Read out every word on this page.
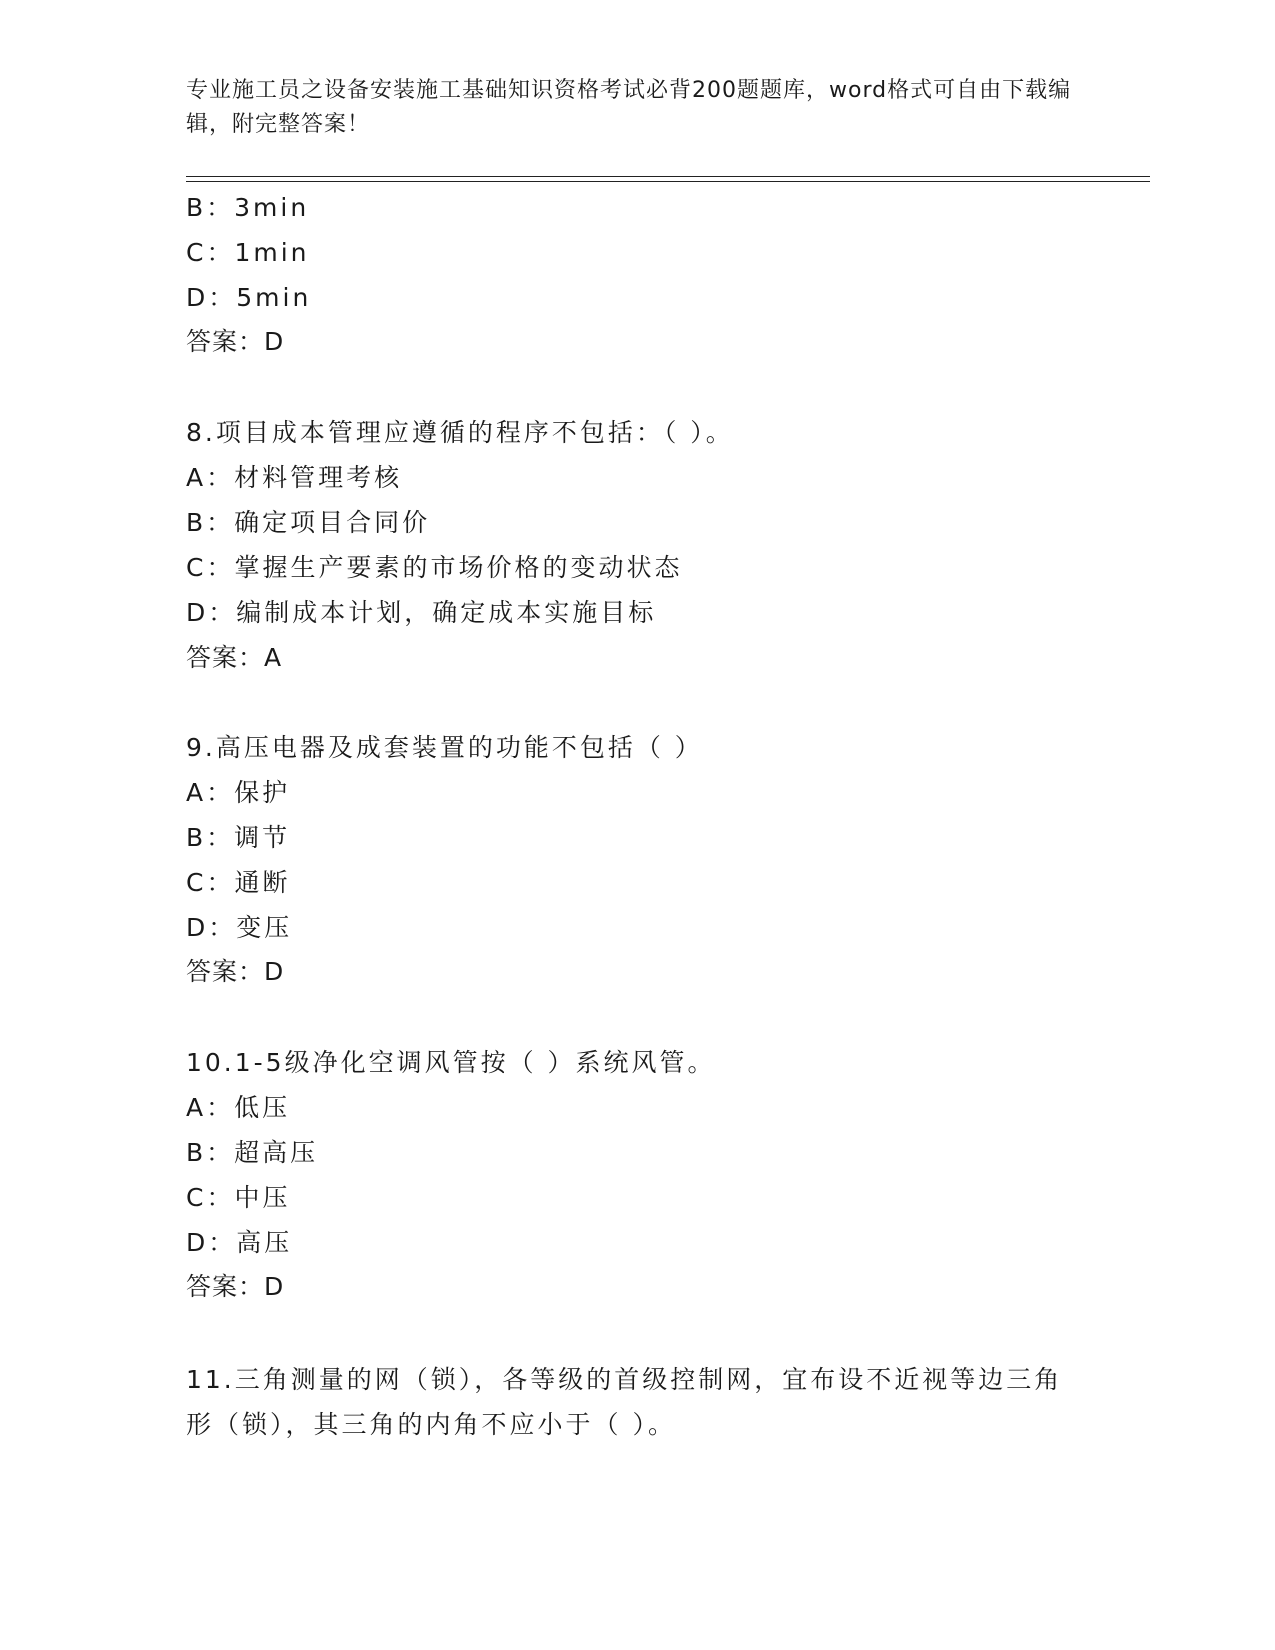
专业施工员之设备安装施工基础知识资格考试必背200题题库，word格式可自由下载编辑，附完整答案！
B：3min
C：1min
D：5min
答案：D
8.项目成本管理应遵循的程序不包括：（ ）。
A：材料管理考核
B：确定项目合同价
C：掌握生产要素的市场价格的变动状态
D：编制成本计划，确定成本实施目标
答案：A
9.高压电器及成套装置的功能不包括（ ）
A：保护
B：调节
C：通断
D：变压
答案：D
10.1-5级净化空调风管按（ ）系统风管。
A：低压
B：超高压
C：中压
D：高压
答案：D
11.三角测量的网（锁），各等级的首级控制网，宜布设不近视等边三角形（锁），其三角的内角不应小于（ ）。
